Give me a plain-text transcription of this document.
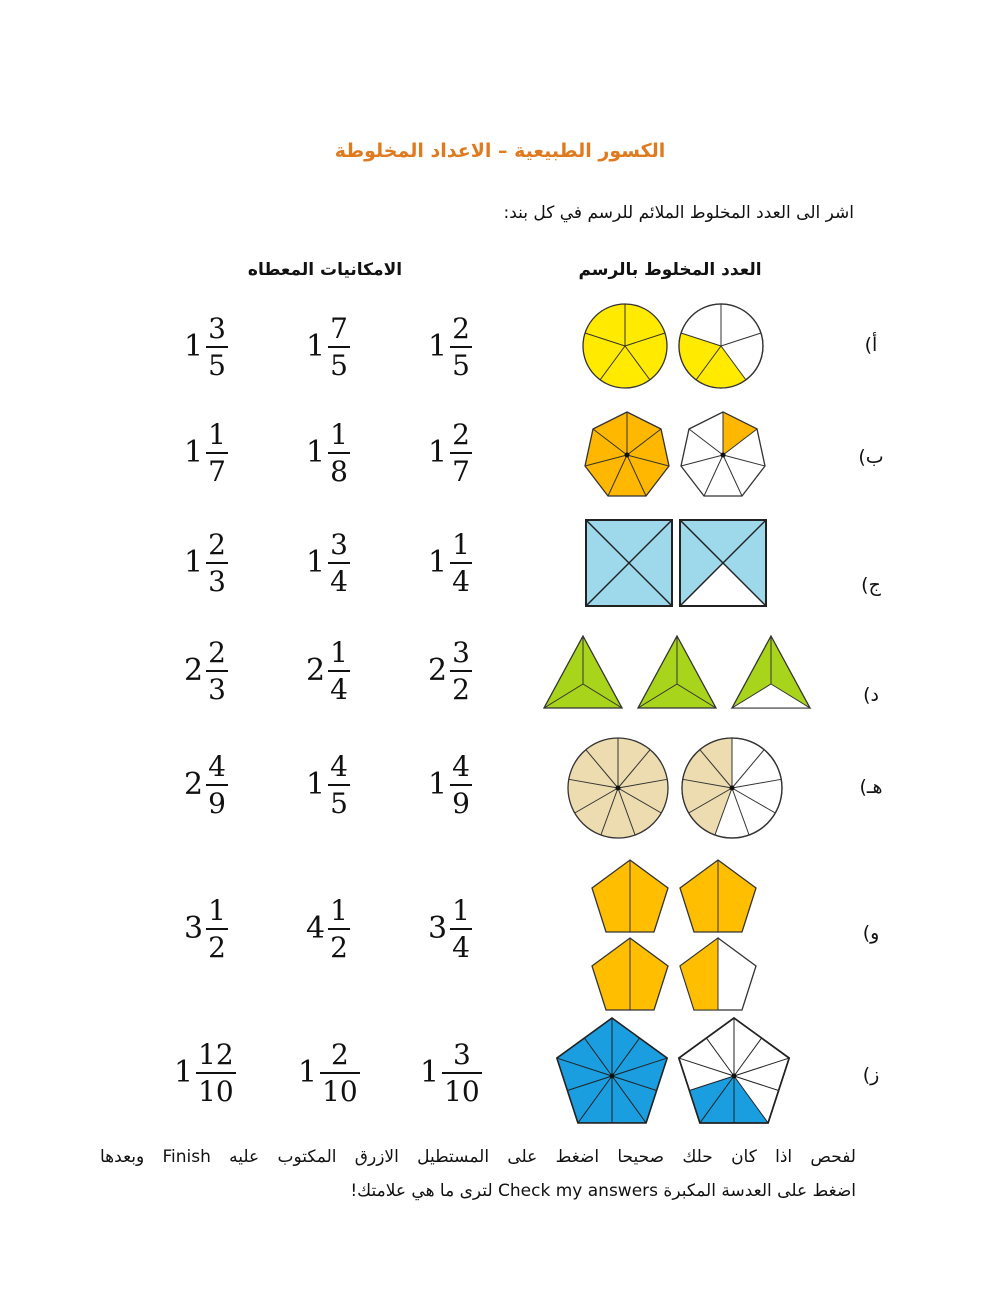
الكسور الطبيعية – الاعداد المخلوطة
اشر الى العدد المخلوط الملائم للرسم في كل بند:
العدد المخلوط بالرسم
الامكانيات المعطاه
أ)
ب)
ج)
د)
هـ)
و)
ز)
$1 \frac{2}{5}$
$1 \frac{7}{5}$
$1 \frac{3}{5}$
$1 \frac{2}{7}$
$1 \frac{1}{8}$
$1 \frac{1}{7}$
$1 \frac{1}{4}$
$1 \frac{3}{4}$
$1 \frac{2}{3}$
$2 \frac{3}{2}$
$2 \frac{1}{4}$
$2 \frac{2}{3}$
$1 \frac{4}{9}$
$1 \frac{4}{5}$
$2 \frac{4}{9}$
$3 \frac{1}{4}$
$4 \frac{1}{2}$
$3 \frac{1}{2}$
$1 \frac{3}{10}$
$1 \frac{2}{10}$
$1 \frac{12}{10}$

لفحص اذا كان حلك صحيحا اضغط على المستطيل الازرق المكتوب عليه Finish وبعدها

اضغط على العدسة المكبرة Check my answers لترى ما هي علامتك!
